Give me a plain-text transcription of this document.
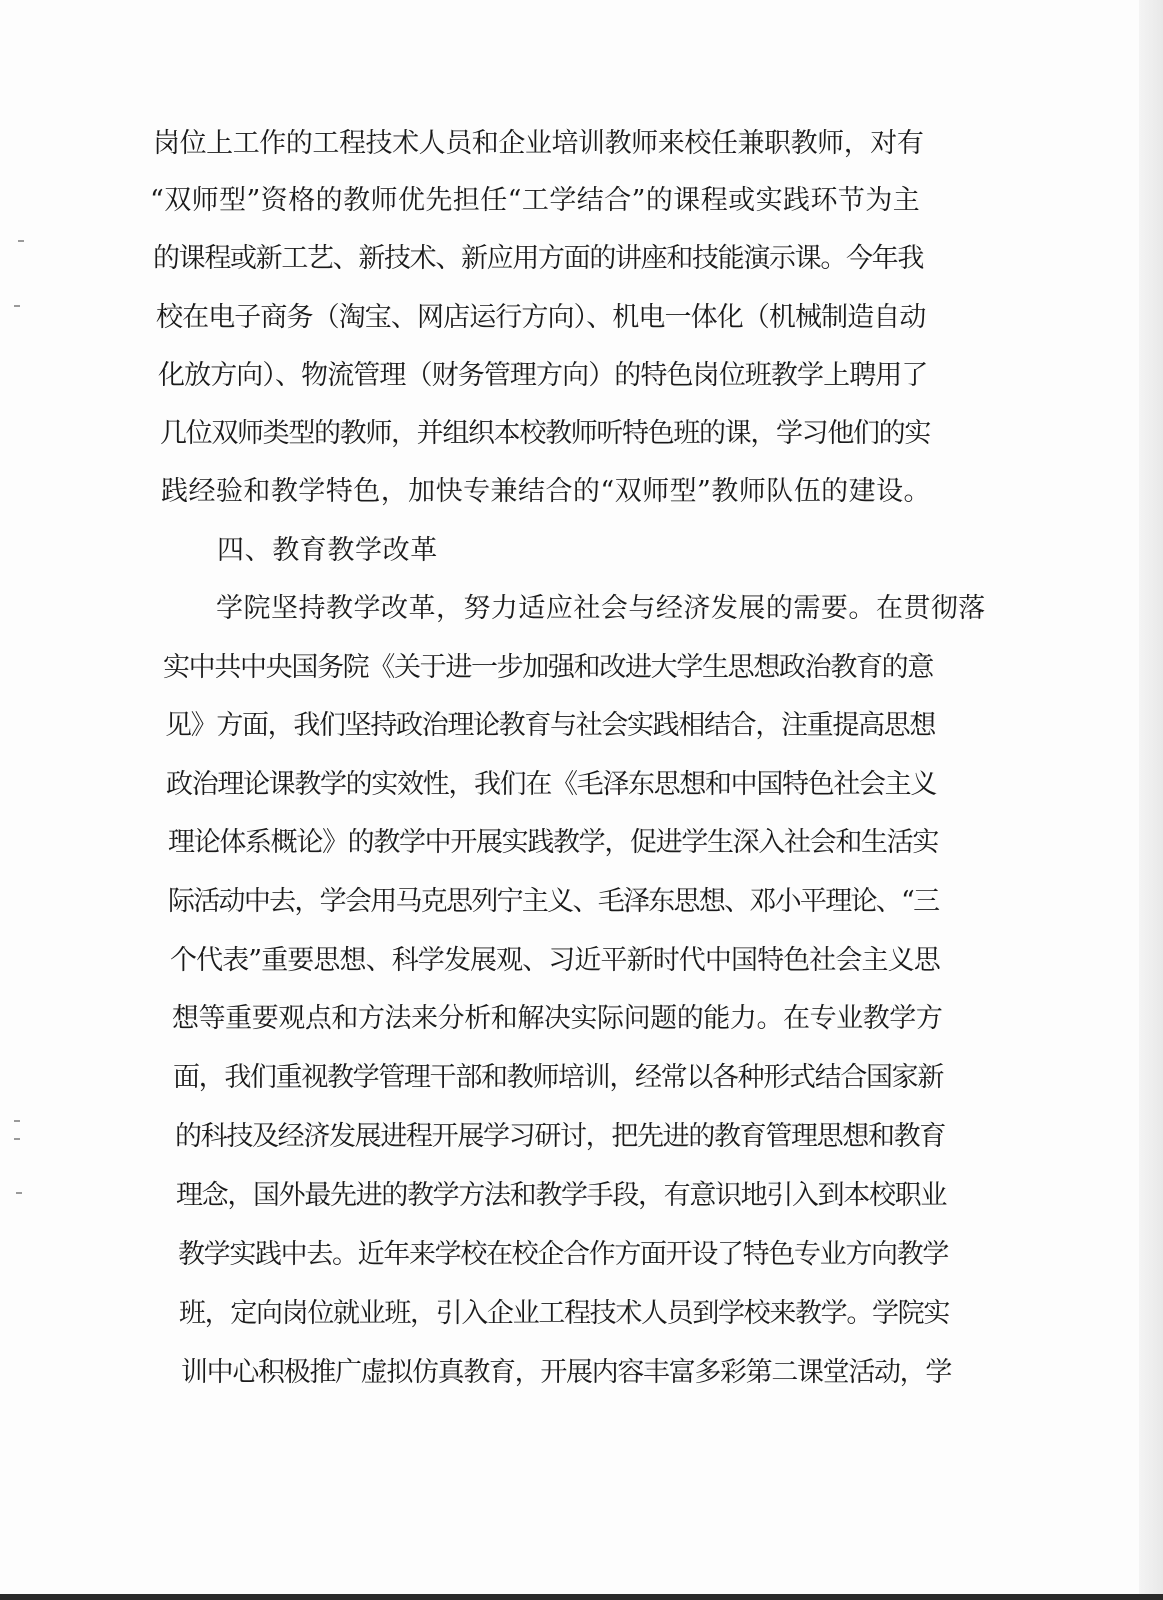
岗位上工作的工程技术人员和企业培训教师来校任兼职教师，对有
“双师型”资格的教师优先担任“工学结合”的课程或实践环节为主
的课程或新工艺、新技术、新应用方面的讲座和技能演示课。今年我
校在电子商务（淘宝、网店运行方向）、机电一体化（机械制造自动
化放方向）、物流管理（财务管理方向）的特色岗位班教学上聘用了
几位双师类型的教师，并组织本校教师听特色班的课，学习他们的实
践经验和教学特色，加快专兼结合的“双师型”教师队伍的建设。
四、教育教学改革
学院坚持教学改革，努力适应社会与经济发展的需要。在贯彻落
实中共中央国务院《关于进一步加强和改进大学生思想政治教育的意
见》方面，我们坚持政治理论教育与社会实践相结合，注重提高思想
政治理论课教学的实效性，我们在《毛泽东思想和中国特色社会主义
理论体系概论》的教学中开展实践教学，促进学生深入社会和生活实
际活动中去，学会用马克思列宁主义、毛泽东思想、邓小平理论、“三
个代表”重要思想、科学发展观、习近平新时代中国特色社会主义思
想等重要观点和方法来分析和解决实际问题的能力。在专业教学方
面，我们重视教学管理干部和教师培训，经常以各种形式结合国家新
的科技及经济发展进程开展学习研讨，把先进的教育管理思想和教育
理念，国外最先进的教学方法和教学手段，有意识地引入到本校职业
教学实践中去。近年来学校在校企合作方面开设了特色专业方向教学
班，定向岗位就业班，引入企业工程技术人员到学校来教学。学院实
训中心积极推广虚拟仿真教育，开展内容丰富多彩第二课堂活动，学
